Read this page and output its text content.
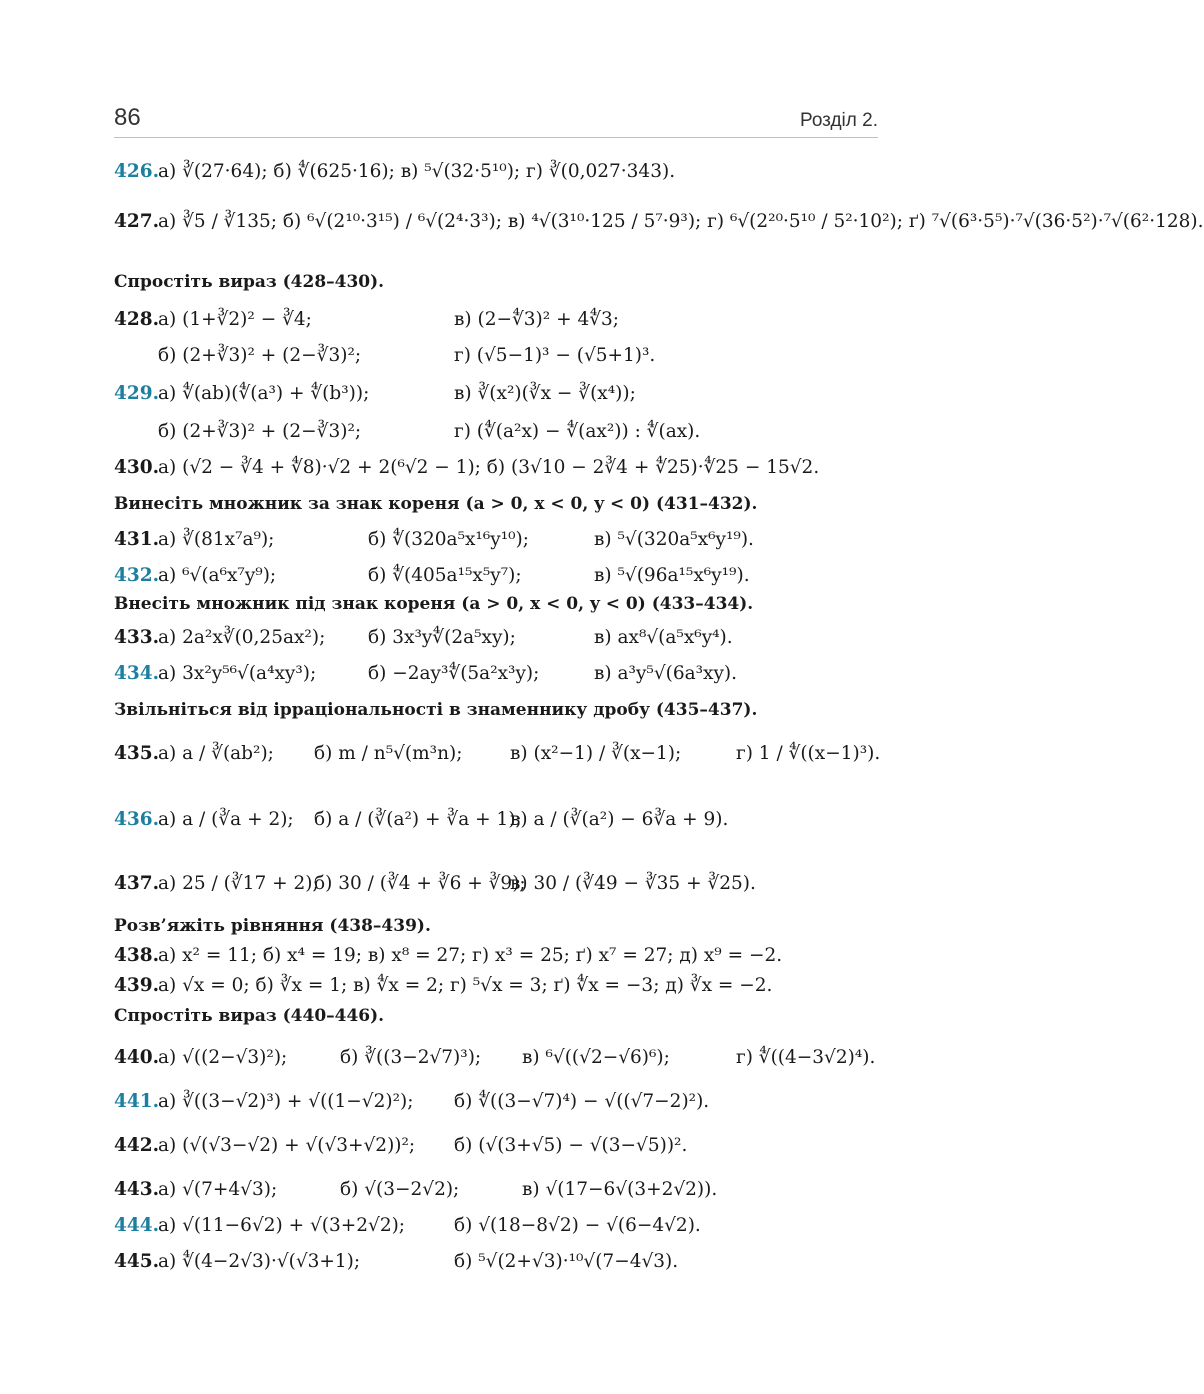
86	Розділ 2.
426.
а) ∛(27·64); б) ∜(625·16); в) ⁵√(32·5¹⁰); г) ∛(0,027·343).
427.
а) ∛5 / ∛135; б) ⁶√(2¹⁰·3¹⁵) / ⁶√(2⁴·3³); в) ⁴√(3¹⁰·125 / 5⁷·9³); г) ⁶√(2²⁰·5¹⁰ / 5²·10²); ґ) ⁷√(6³·5⁵)·⁷√(36·5²)·⁷√(6²·128).
Спростіть вираз (428–430).
428.
а) (1+∛2)² − ∛4;	в) (2−∜3)² + 4∜3;
б) (2+∛3)² + (2−∛3)²;	г) (√5−1)³ − (√5+1)³.
429.
а) ∜(ab)(∜(a³) + ∜(b³));	в) ∛(x²)(∛x − ∛(x⁴));
б) (2+∛3)² + (2−∛3)²;	г) (∜(a²x) − ∜(ax²)) : ∜(ax).
430.
а) (√2 − ∛4 + ∜8)·√2 + 2(⁶√2 − 1); б) (3√10 − 2∛4 + ∜25)·∜25 − 15√2.
Винесіть множник за знак кореня (a > 0, x < 0, y < 0) (431–432).
431.
а) ∛(81x⁷a⁹);	б) ∜(320a⁵x¹⁶y¹⁰);	в) ⁵√(320a⁵x⁶y¹⁹).
432.
а) ⁶√(a⁶x⁷y⁹);	б) ∜(405a¹⁵x⁵y⁷);	в) ⁵√(96a¹⁵x⁶y¹⁹).
Внесіть множник під знак кореня (a > 0, x < 0, y < 0) (433–434).
433.
а) 2a²x∛(0,25ax²); б) 3x³y∜(2a⁵xy);	в) ax⁸√(a⁵x⁶y⁴).
434.
а) 3x²y⁵⁶√(a⁴xy³);	б) −2ay³∜(5a²x³y);	в) a³y⁵√(6a³xy).
Звільніться від ірраціональності в знаменнику дробу (435–437).
435.
а) a / ∛(ab²); б) m / n⁵√(m³n);	в) (x²−1) / ∛(x−1);	г) 1 / ∜((x−1)³).
436.
а) a / (∛a + 2); б) a / (∛(a²) + ∛a + 1);
в) a / (∛(a²) − 6∛a + 9).
437.
а) 25 / (∛17 + 2);
б) 30 / (∛4 + ∛6 + ∛9);
в) 30 / (∛49 − ∛35 + ∛25).
Розв’яжіть рівняння (438–439).
438.
а) x² = 11; б) x⁴ = 19; в) x⁸ = 27; г) x³ = 25; ґ) x⁷ = 27; д) x⁹ = −2.
439.
а) √x = 0; б) ∛x = 1; в) ∜x = 2; г) ⁵√x = 3; ґ) ∜x = −3; д) ∛x = −2.
Спростіть вираз (440–446).
440.
а) √((2−√3)²);	б) ∛((3−2√7)³); в) ⁶√((√2−√6)⁶);	г) ∜((4−3√2)⁴).
441.
а) ∛((3−√2)³) + √((1−√2)²); б) ∜((3−√7)⁴) − √((√7−2)²).
442.
а) (√(√3−√2) + √(√3+√2))²; б) (√(3+√5) − √(3−√5))².
443.
а) √(7+4√3);	б) √(3−2√2);	в) √(17−6√(3+2√2)).
444.
а) √(11−6√2) + √(3+2√2);	б) √(18−8√2) − √(6−4√2).
445.
а) ∜(4−2√3)·√(√3+1);	б) ⁵√(2+√3)·¹⁰√(7−4√3).
